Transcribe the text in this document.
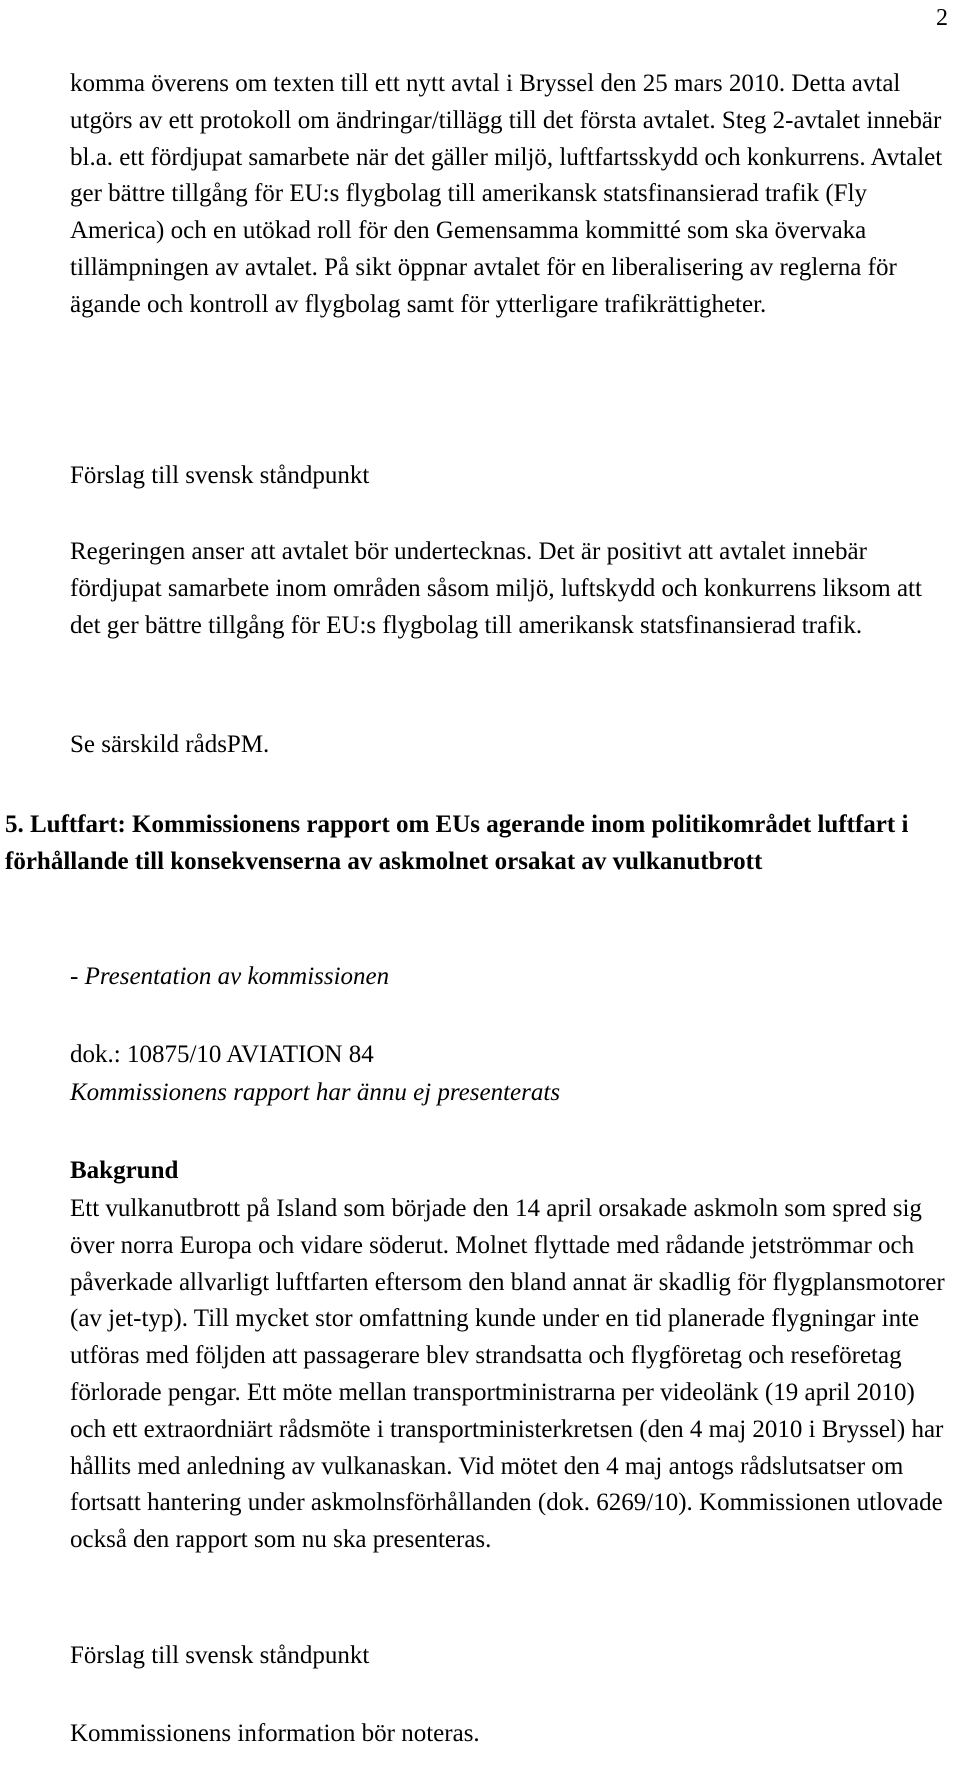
2

komma överens om texten till ett nytt avtal i Bryssel den 25 mars 2010. Detta avtal utgörs av ett protokoll om ändringar/tillägg till det första avtalet. Steg 2-avtalet innebär bl.a. ett fördjupat samarbete när det gäller miljö, luftfartsskydd och konkurrens. Avtalet ger bättre tillgång för EU:s flygbolag till amerikansk statsfinansierad trafik (Fly America) och en utökad roll för den Gemensamma kommitté som ska övervaka tillämpningen av avtalet. På sikt öppnar avtalet för en liberalisering av reglerna för ägande och kontroll av flygbolag samt för ytterligare trafikrättigheter.

Förslag till svensk ståndpunkt

Regeringen anser att avtalet bör undertecknas. Det är positivt att avtalet innebär fördjupat samarbete inom områden såsom miljö, luftskydd och konkurrens liksom att det ger bättre tillgång för EU:s flygbolag till amerikansk statsfinansierad trafik.

Se särskild rådsPM.

5. Luftfart: Kommissionens rapport om EUs agerande inom politikområdet luftfart i förhållande till konsekvenserna av askmolnet orsakat av vulkanutbrott

- Presentation av kommissionen

dok.: 10875/10 AVIATION 84

Kommissionens rapport har ännu ej presenterats

Bakgrund

Ett vulkanutbrott på Island som började den 14 april orsakade askmoln som spred sig över norra Europa och vidare söderut. Molnet flyttade med rådande jetströmmar och påverkade allvarligt luftfarten eftersom den bland annat är skadlig för flygplansmotorer (av jet-typ). Till mycket stor omfattning kunde under en tid planerade flygningar inte utföras med följden att passagerare blev strandsatta och flygföretag och reseföretag förlorade pengar. Ett möte mellan transportministrarna per videolänk (19 april 2010) och ett extraordniärt rådsmöte i transportministerkretsen (den 4 maj 2010 i Bryssel) har hållits med anledning av vulkanaskan. Vid mötet den 4 maj antogs rådslutsatser om fortsatt hantering under askmolnsförhållanden (dok. 6269/10). Kommissionen utlovade också den rapport som nu ska presenteras.

Förslag till svensk ståndpunkt

Kommissionens information bör noteras.
